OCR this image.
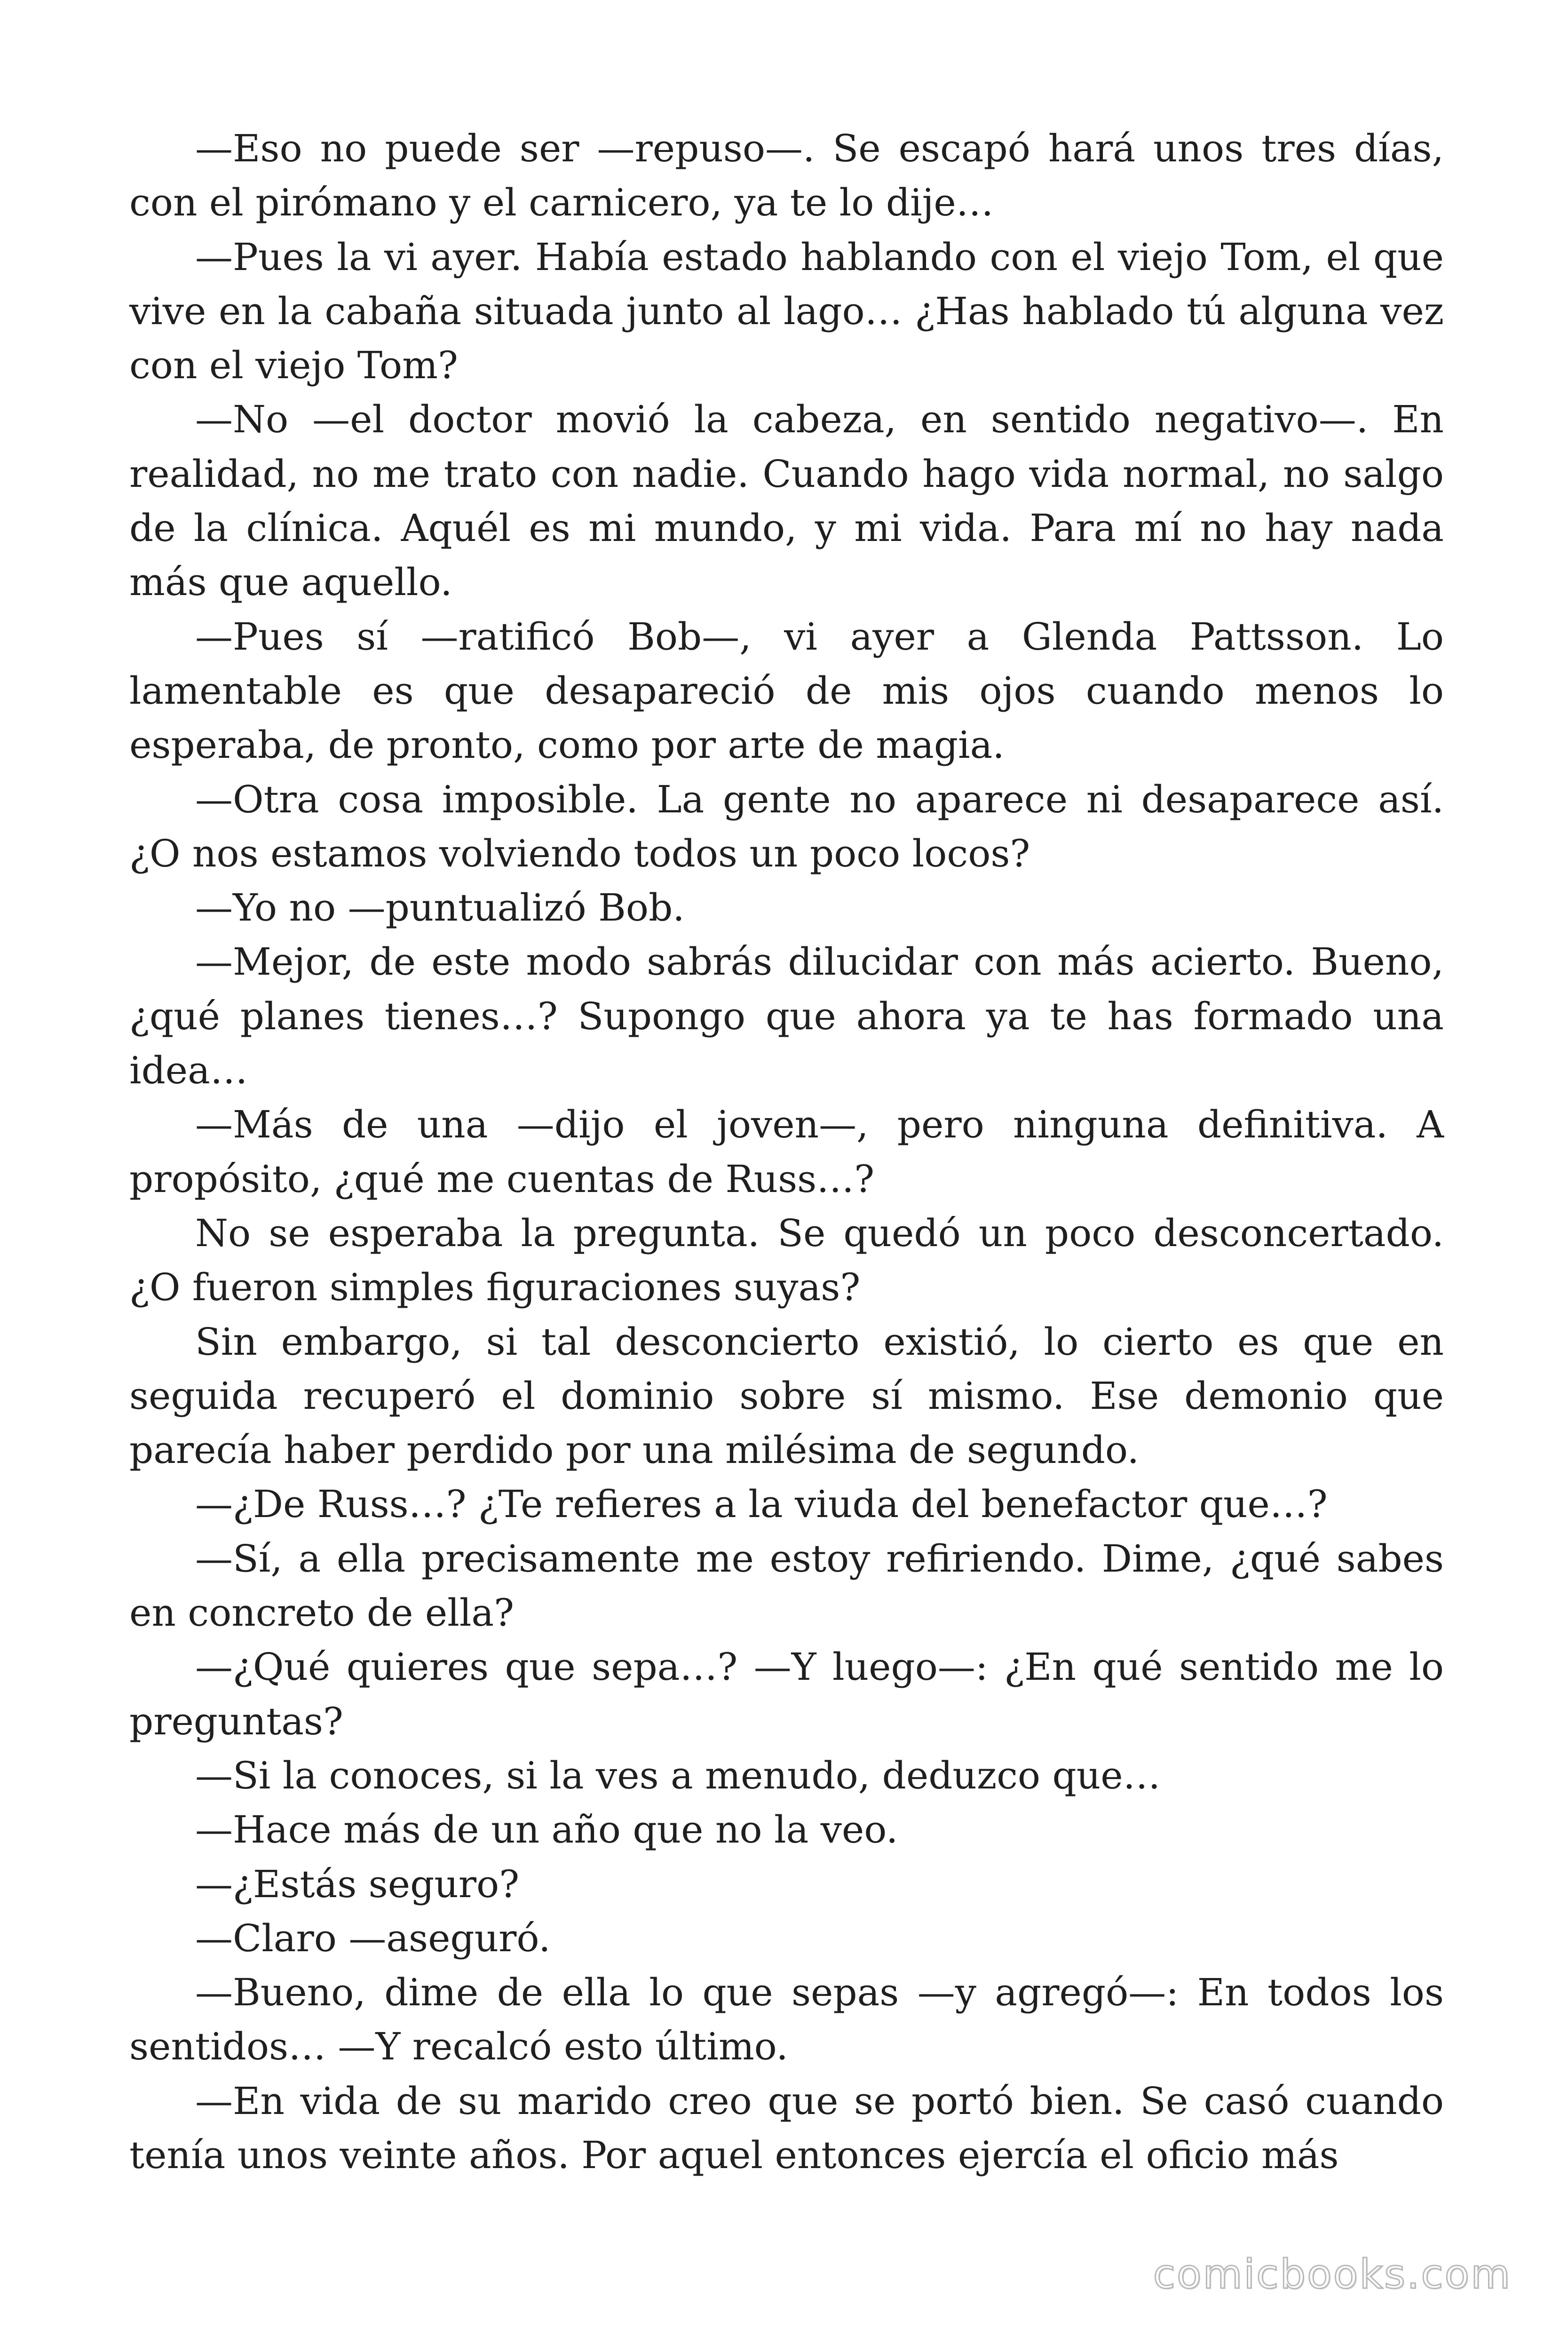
—Eso no puede ser —repuso—. Se escapó hará unos tres días, con el pirómano y el carnicero, ya te lo dije…

—Pues la vi ayer. Había estado hablando con el viejo Tom, el que vive en la cabaña situada junto al lago… ¿Has hablado tú alguna vez con el viejo Tom?

—No —el doctor movió la cabeza, en sentido negativo—. En realidad, no me trato con nadie. Cuando hago vida normal, no salgo de la clínica. Aquél es mi mundo, y mi vida. Para mí no hay nada más que aquello.

—Pues sí —ratificó Bob—, vi ayer a Glenda Pattsson. Lo lamentable es que desapareció de mis ojos cuando menos lo esperaba, de pronto, como por arte de magia.

—Otra cosa imposible. La gente no aparece ni desaparece así. ¿O nos estamos volviendo todos un poco locos?

—Yo no —puntualizó Bob.

—Mejor, de este modo sabrás dilucidar con más acierto. Bueno, ¿qué planes tienes…? Supongo que ahora ya te has formado una idea…

—Más de una —dijo el joven—, pero ninguna definitiva. A propósito, ¿qué me cuentas de Russ…?

No se esperaba la pregunta. Se quedó un poco desconcertado. ¿O fueron simples figuraciones suyas?

Sin embargo, si tal desconcierto existió, lo cierto es que en seguida recuperó el dominio sobre sí mismo. Ese demonio que parecía haber perdido por una milésima de segundo.

—¿De Russ…? ¿Te refieres a la viuda del benefactor que…?

—Sí, a ella precisamente me estoy refiriendo. Dime, ¿qué sabes en concreto de ella?

—¿Qué quieres que sepa…? —Y luego—: ¿En qué sentido me lo preguntas?

—Si la conoces, si la ves a menudo, deduzco que…

—Hace más de un año que no la veo.

—¿Estás seguro?

—Claro —aseguró.

—Bueno, dime de ella lo que sepas —y agregó—: En todos los sentidos… —Y recalcó esto último.

—En vida de su marido creo que se portó bien. Se casó cuando tenía unos veinte años. Por aquel entonces ejercía el oficio más

comicbooks.com
